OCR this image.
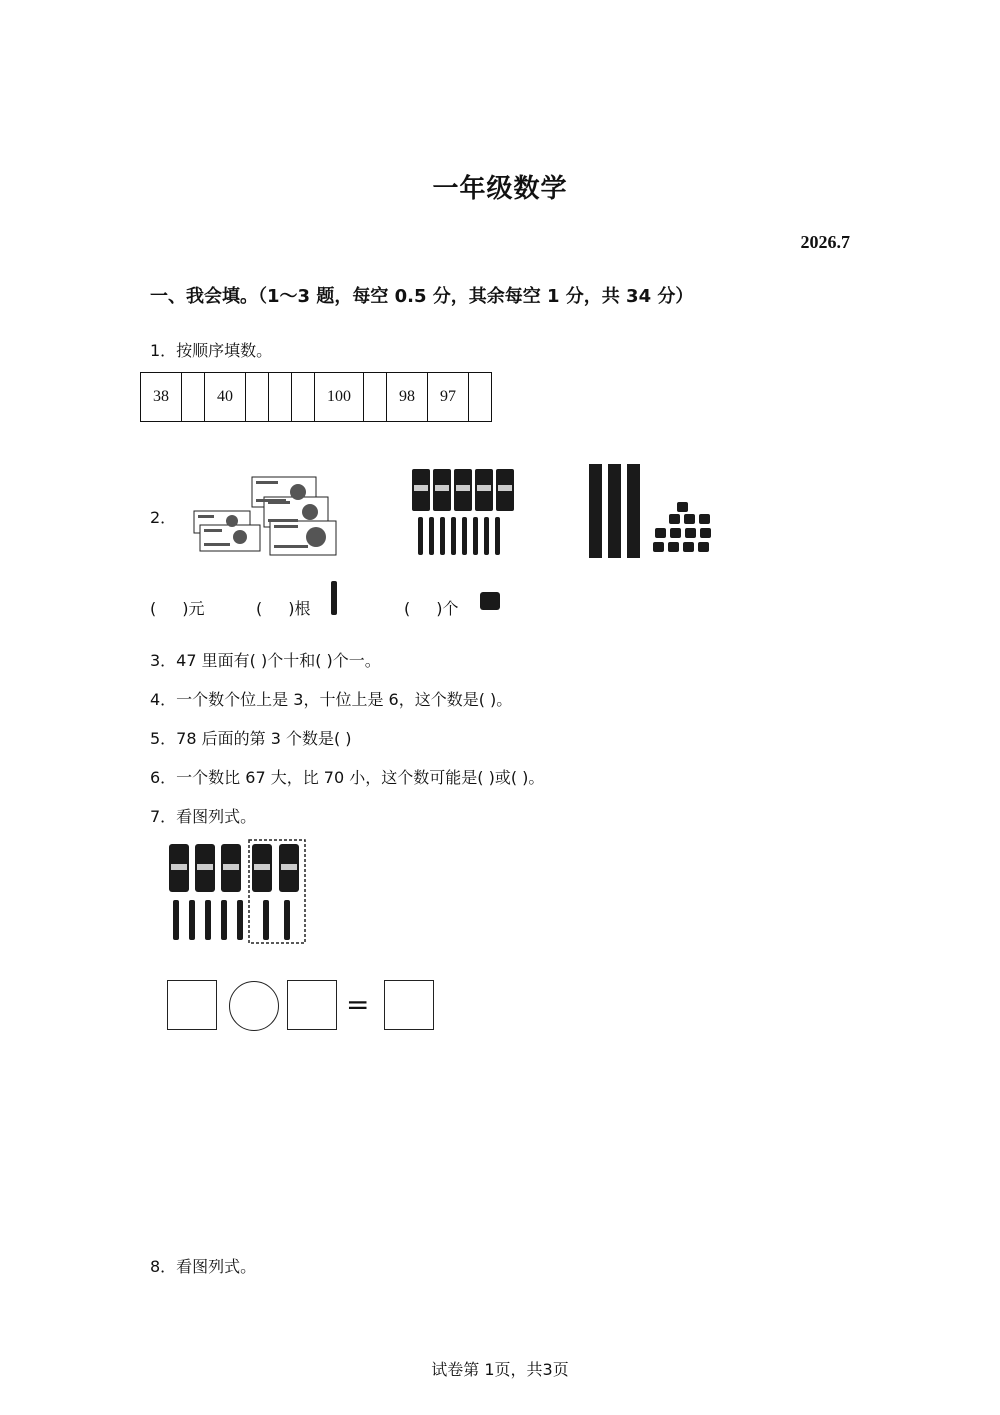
一年级数学
2026.7
一、我会填。（1～3 题，每空 0.5 分，其余每空 1 分，共 34 分）
1．按顺序填数。
38		40				100		98	97	
2．
( )元	( )根	( )个
3．47 里面有( )个十和( )个一。
4．一个数个位上是 3，十位上是 6，这个数是( )。
5．78 后面的第 3 个数是( )
6．一个数比 67 大，比 70 小，这个数可能是( )或( )。
7．看图列式。
=
8．看图列式。
试卷第 1页，共3页
